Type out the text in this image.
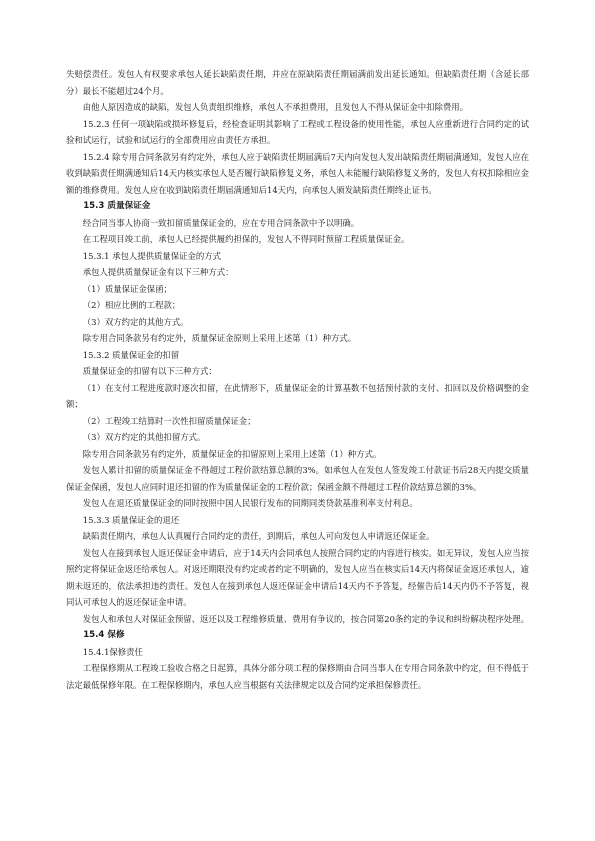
失赔偿责任。发包人有权要求承包人延长缺陷责任期，并应在原缺陷责任期届满前发出延长通知。但缺陷责任期（含延长部分）最长不能超过24个月。

由他人原因造成的缺陷，发包人负责组织维修，承包人不承担费用，且发包人不得从保证金中扣除费用。

15.2.3 任何一项缺陷或损坏修复后，经检查证明其影响了工程或工程设备的使用性能，承包人应重新进行合同约定的试验和试运行，试验和试运行的全部费用应由责任方承担。

15.2.4 除专用合同条款另有约定外，承包人应于缺陷责任期届满后7天内向发包人发出缺陷责任期届满通知，发包人应在收到缺陷责任期满通知后14天内核实承包人是否履行缺陷修复义务，承包人未能履行缺陷修复义务的，发包人有权扣除相应金额的维修费用。发包人应在收到缺陷责任期届满通知后14天内，向承包人颁发缺陷责任期终止证书。

15.3 质量保证金

经合同当事人协商一致扣留质量保证金的，应在专用合同条款中予以明确。

在工程项目竣工前，承包人已经提供履约担保的，发包人不得同时预留工程质量保证金。

15.3.1 承包人提供质量保证金的方式

承包人提供质量保证金有以下三种方式：

（1）质量保证金保函；

（2）相应比例的工程款；

（3）双方约定的其他方式。

除专用合同条款另有约定外，质量保证金原则上采用上述第（1）种方式。

15.3.2 质量保证金的扣留

质量保证金的扣留有以下三种方式：

（1）在支付工程进度款时逐次扣留，在此情形下，质量保证金的计算基数不包括预付款的支付、扣回以及价格调整的金额；

（2）工程竣工结算时一次性扣留质量保证金；

（3）双方约定的其他扣留方式。

除专用合同条款另有约定外，质量保证金的扣留原则上采用上述第（1）种方式。

发包人累计扣留的质量保证金不得超过工程价款结算总额的3%。如承包人在发包人签发竣工付款证书后28天内提交质量保证金保函，发包人应同时退还扣留的作为质量保证金的工程价款；保函金额不得超过工程价款结算总额的3%。

发包人在退还质量保证金的同时按照中国人民银行发布的同期同类贷款基准利率支付利息。

15.3.3 质量保证金的退还

缺陷责任期内，承包人认真履行合同约定的责任，到期后，承包人可向发包人申请返还保证金。

发包人在接到承包人返还保证金申请后，应于14天内会同承包人按照合同约定的内容进行核实。如无异议，发包人应当按照约定将保证金返还给承包人。对返还期限没有约定或者约定不明确的，发包人应当在核实后14天内将保证金返还承包人，逾期未返还的，依法承担违约责任。发包人在接到承包人返还保证金申请后14天内不予答复，经催告后14天内仍不予答复，视同认可承包人的返还保证金申请。

发包人和承包人对保证金预留、返还以及工程维修质量、费用有争议的，按合同第20条约定的争议和纠纷解决程序处理。

15.4 保修

15.4.1保修责任

工程保修期从工程竣工验收合格之日起算，具体分部分项工程的保修期由合同当事人在专用合同条款中约定，但不得低于法定最低保修年限。在工程保修期内，承包人应当根据有关法律规定以及合同约定承担保修责任。
